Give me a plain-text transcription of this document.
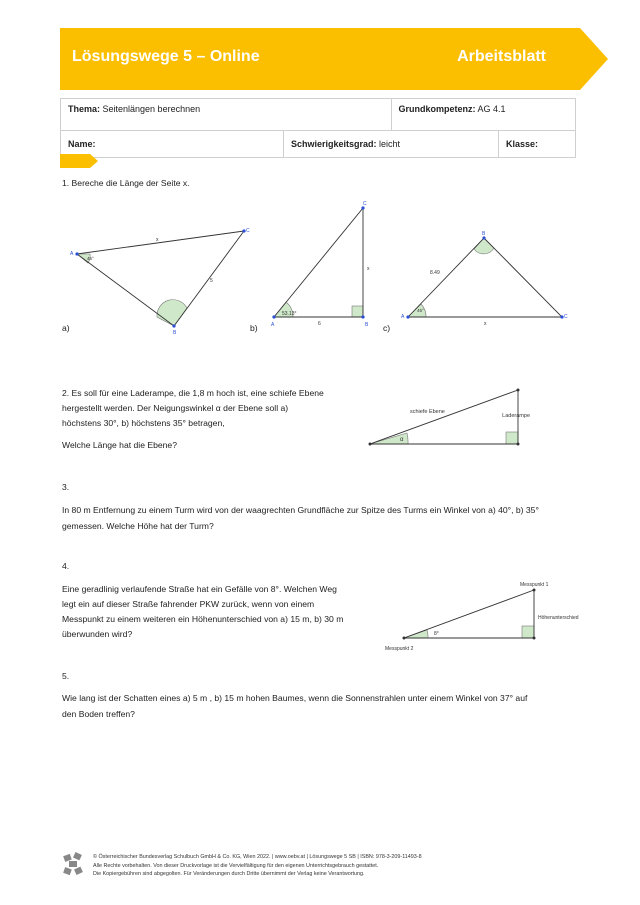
Lösungswege 5 – Online	Arbeitsblatt
Thema: Seitenlängen berechnen		Grundkompetenz: AG 4.1	
Name:	Schwierigkeitsgrad: leicht		Klasse:
1. Bereche die Länge der Seite x.
A
C
B
45°
x
5
C
A	B
53.13°
x
6
B
A	C
8.49
45°
x
a)	b)	c)
2. Es soll für eine Laderampe, die 1,8 m hoch ist, eine schiefe Ebene
hergestellt werden. Der Neigungswinkel α der Ebene soll a)
höchstens 30°, b) höchstens 35° betragen,
Welche Länge hat die Ebene?
schiefe Ebene
Laderampe
α
3.
In 80 m Entfernung zu einem Turm wird von der waagrechten Grundfläche zur Spitze des Turms ein Winkel von a) 40°, b) 35°
gemessen. Welche Höhe hat der Turm?
4.
Eine geradlinig verlaufende Straße hat ein Gefälle von 8°. Welchen Weg
legt ein auf dieser Straße fahrender PKW zurück, wenn von einem
Messpunkt zu einem weiteren ein Höhenunterschied von a) 15 m, b) 30 m
überwunden wird?
Messpunkt 1
Messpunkt 2
Höhenunterschied
8°
5.
Wie lang ist der Schatten eines a) 5 m , b) 15 m hohen Baumes, wenn die Sonnenstrahlen unter einem Winkel von 37° auf
den Boden treffen?
© Österreichischer Bundesverlag Schulbuch GmbH & Co. KG, Wien 2022. | www.oebv.at | Lösungswege 5 SB | ISBN: 978-3-209-11493-8
Alle Rechte vorbehalten. Von dieser Druckvorlage ist die Vervielfältigung für den eigenen Unterrichtsgebrauch gestattet.
Die Kopiergebühren sind abgegolten. Für Veränderungen durch Dritte übernimmt der Verlag keine Verantwortung.
